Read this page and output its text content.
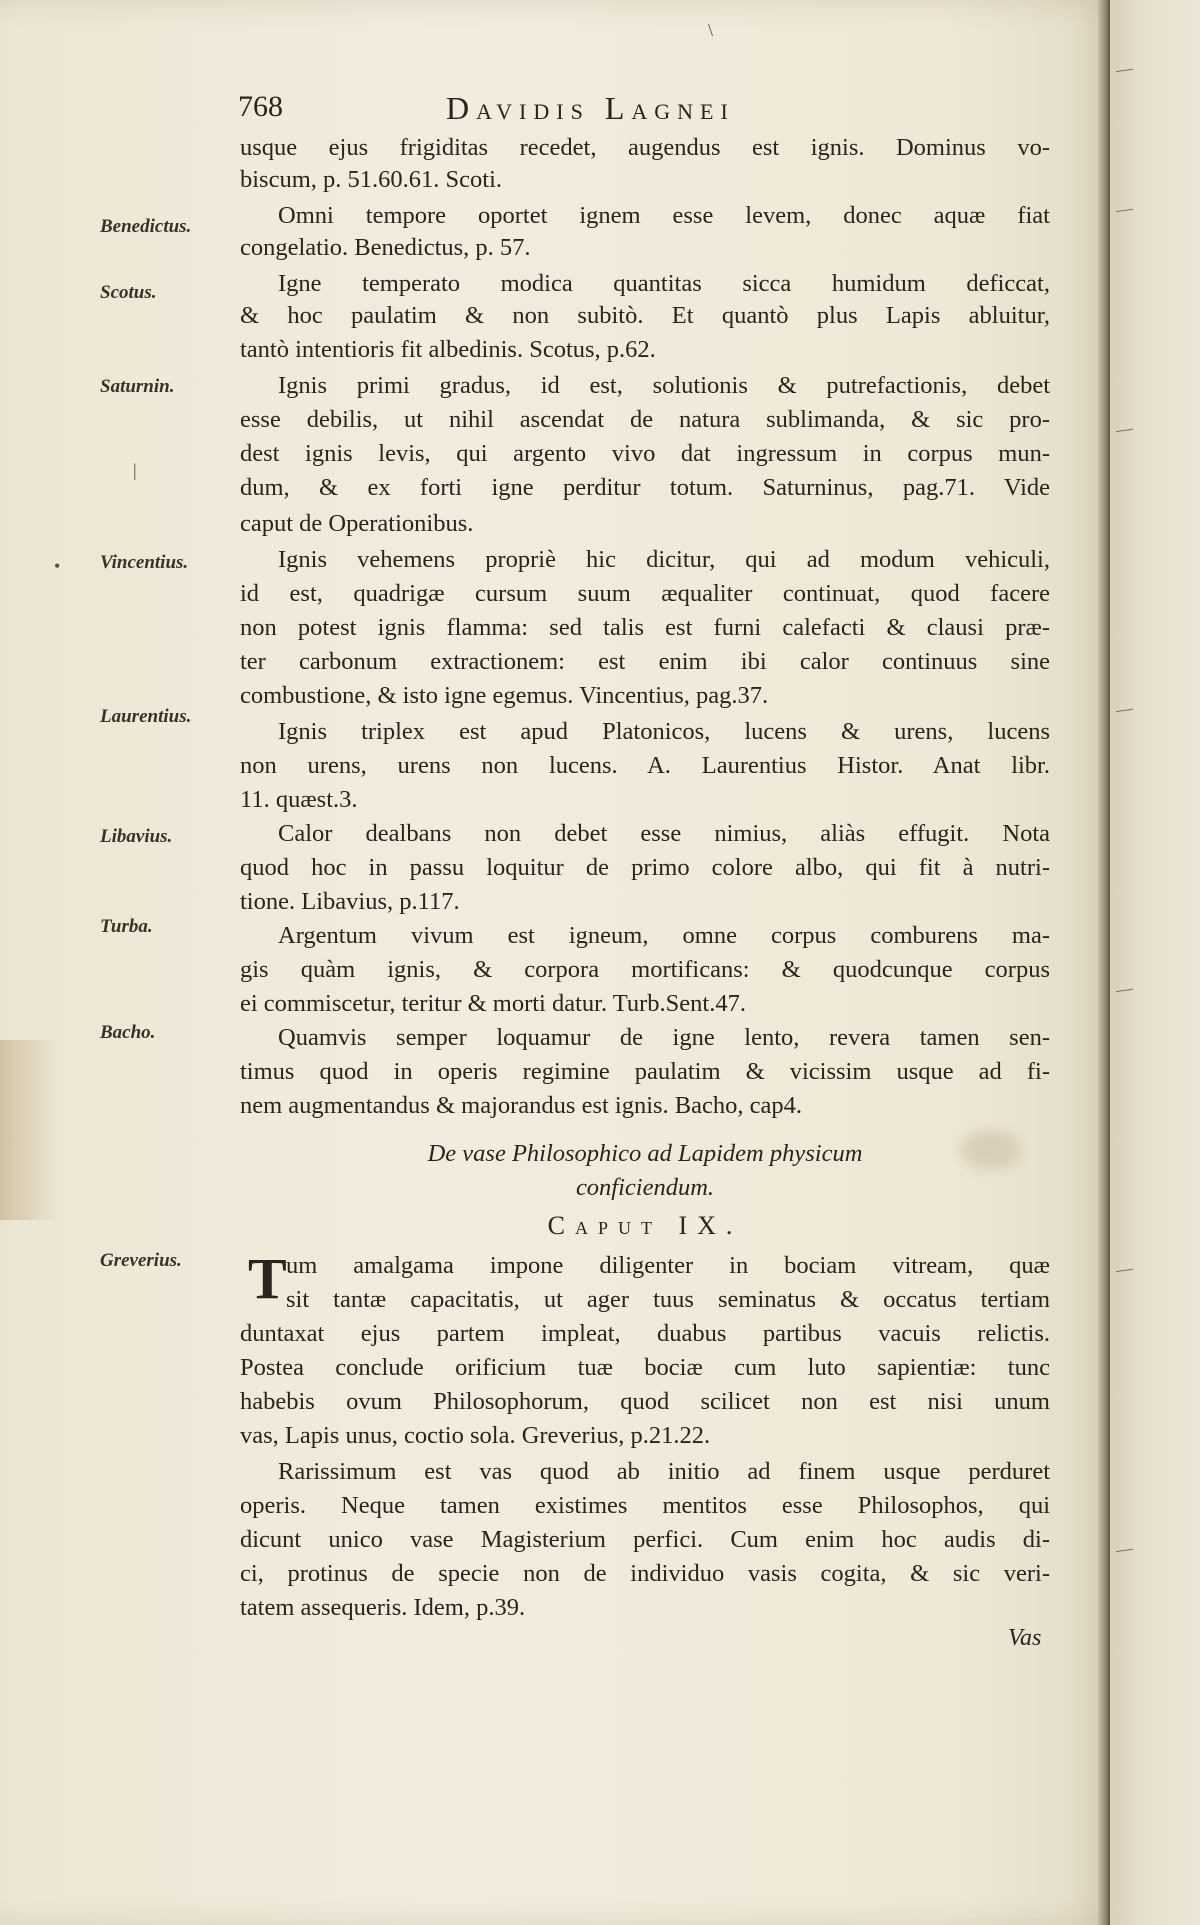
\
|
•
768	Davidis Lagnei
Benedictus.
Scotus.
Saturnin.
Vincentius.
Laurentius.
Libavius.
Turba.
Bacho.
Greverius.
usque ejus frigiditas recedet, augendus est ignis. Dominus vo-
biscum, p. 51.60.61. Scoti.
Omni tempore oportet ignem esse levem, donec aquæ fiat
congelatio. Benedictus, p. 57.
Igne temperato modica quantitas sicca humidum deficcat,
& hoc paulatim & non subitò. Et quantò plus Lapis abluitur,
tantò intentioris fit albedinis. Scotus, p.62.
Ignis primi gradus, id est, solutionis & putrefactionis, debet
esse debilis, ut nihil ascendat de natura sublimanda, & sic pro-
dest ignis levis, qui argento vivo dat ingressum in corpus mun-
dum, & ex forti igne perditur totum. Saturninus, pag.71. Vide
caput de Operationibus.
Ignis vehemens propriè hic dicitur, qui ad modum vehiculi,
id est, quadrigæ cursum suum æqualiter continuat, quod facere
non potest ignis flamma: sed talis est furni calefacti & clausi præ-
ter carbonum extractionem: est enim ibi calor continuus sine
combustione, & isto igne egemus. Vincentius, pag.37.
Ignis triplex est apud Platonicos, lucens & urens, lucens
non urens, urens non lucens. A. Laurentius Histor. Anat libr.
11. quæst.3.
Calor dealbans non debet esse nimius, aliàs effugit. Nota
quod hoc in passu loquitur de primo colore albo, qui fit à nutri-
tione. Libavius, p.117.
Argentum vivum est igneum, omne corpus comburens ma-
gis quàm ignis, & corpora mortificans: & quodcunque corpus
ei commiscetur, teritur & morti datur. Turb.Sent.47.
Quamvis semper loquamur de igne lento, revera tamen sen-
timus quod in operis regimine paulatim & vicissim usque ad fi-
nem augmentandus & majorandus est ignis. Bacho, cap4.
De vase Philosophico ad Lapidem physicum
conficiendum.
Caput IX.
T um amalgama impone diligenter in bociam vitream, quæ
sit tantæ capacitatis, ut ager tuus seminatus & occatus tertiam
duntaxat ejus partem impleat, duabus partibus vacuis relictis.
Postea conclude orificium tuæ bociæ cum luto sapientiæ: tunc
habebis ovum Philosophorum, quod scilicet non est nisi unum
vas, Lapis unus, coctio sola. Greverius, p.21.22.
Rarissimum est vas quod ab initio ad finem usque perduret
operis. Neque tamen existimes mentitos esse Philosophos, qui
dicunt unico vase Magisterium perfici. Cum enim hoc audis di-
ci, protinus de specie non de individuo vasis cogita, & sic veri-
tatem assequeris. Idem, p.39.
Vas
—
—
—
—
—
—
—
